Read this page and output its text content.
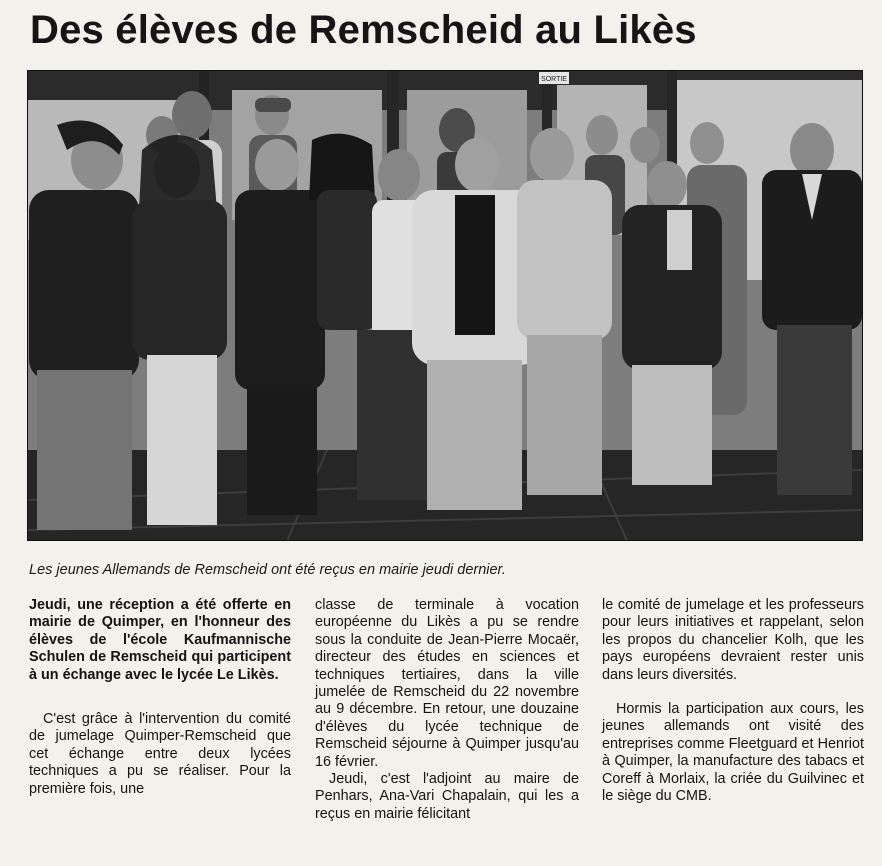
Des élèves de Remscheid au Likès
SORTIE

Les jeunes Allemands de Remscheid ont été reçus en mairie jeudi dernier.

Jeudi, une réception a été offerte en mairie de Quimper, en l'honneur des élèves de l'école Kaufmannische Schulen de Remscheid qui participent à un échange avec le lycée Le Likès.

C'est grâce à l'intervention du comité de jumelage Quimper-Remscheid que cet échange entre deux lycées techniques a pu se réaliser. Pour la première fois, une

classe de terminale à vocation européenne du Likès a pu se rendre sous la conduite de Jean-Pierre Mocaër, directeur des études en sciences et techniques tertiaires, dans la ville jumelée de Remscheid du 22 novembre au 9 décembre. En retour, une douzaine d'élèves du lycée technique de Remscheid séjourne à Quimper jusqu'au 16 février.

Jeudi, c'est l'adjoint au maire de Penhars, Ana-Vari Chapalain, qui les a reçus en mairie félicitant

le comité de jumelage et les professeurs pour leurs initiatives et rappelant, selon les propos du chancelier Kolh, que les pays européens devraient rester unis dans leurs diversités.

Hormis la participation aux cours, les jeunes allemands ont visité des entreprises comme Fleetguard et Henriot à Quimper, la manufacture des tabacs et Coreff à Morlaix, la criée du Guilvinec et le siège du CMB.
